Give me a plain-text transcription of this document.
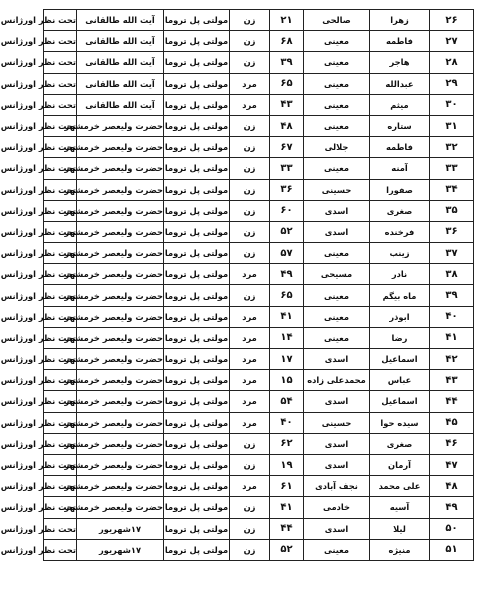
۲۶	زهرا	صالحی	۲۱	زن	مولتی پل تروما	آیت الله طالقانی	تحت نظر اورژانس
۲۷	فاطمه	معینی	۶۸	زن	مولتی پل تروما	آیت الله طالقانی	تحت نظر اورژانس
۲۸	هاجر	معینی	۳۹	زن	مولتی پل تروما	آیت الله طالقانی	تحت نظر اورژانس
۲۹	عبدالله	معینی	۶۵	مرد	مولتی پل تروما	آیت الله طالقانی	تحت نظر اورژانس
۳۰	میثم	معینی	۴۳	مرد	مولتی پل تروما	آیت الله طالقانی	تحت نظر اورژانس
۳۱	ستاره	معینی	۴۸	زن	مولتی پل تروما	حضرت ولیعصر خرمشهر	تحت نظر اورژانس
۳۲	فاطمه	جلالی	۶۷	زن	مولتی پل تروما	حضرت ولیعصر خرمشهر	تحت نظر اورژانس
۳۳	آمنه	معینی	۳۳	زن	مولتی پل تروما	حضرت ولیعصر خرمشهر	تحت نظر اورژانس
۳۴	صفورا	حسینی	۳۶	زن	مولتی پل تروما	حضرت ولیعصر خرمشهر	تحت نظر اورژانس
۳۵	صغری	اسدی	۶۰	زن	مولتی پل تروما	حضرت ولیعصر خرمشهر	تحت نظر اورژانس
۳۶	فرخنده	اسدی	۵۲	زن	مولتی پل تروما	حضرت ولیعصر خرمشهر	تحت نظر اورژانس
۳۷	زینب	معینی	۵۷	زن	مولتی پل تروما	حضرت ولیعصر خرمشهر	تحت نظر اورژانس
۳۸	نادر	مسیحی	۴۹	مرد	مولتی پل تروما	حضرت ولیعصر خرمشهر	تحت نظر اورژانس
۳۹	ماه بیگم	معینی	۶۵	زن	مولتی پل تروما	حضرت ولیعصر خرمشهر	تحت نظر اورژانس
۴۰	ابوذر	معینی	۴۱	مرد	مولتی پل تروما	حضرت ولیعصر خرمشهر	تحت نظر اورژانس
۴۱	رضا	معینی	۱۴	مرد	مولتی پل تروما	حضرت ولیعصر خرمشهر	تحت نظر اورژانس
۴۲	اسماعیل	اسدی	۱۷	مرد	مولتی پل تروما	حضرت ولیعصر خرمشهر	تحت نظر اورژانس
۴۳	عباس	محمدعلی زاده	۱۵	مرد	مولتی پل تروما	حضرت ولیعصر خرمشهر	تحت نظر اورژانس
۴۴	اسماعیل	اسدی	۵۴	مرد	مولتی پل تروما	حضرت ولیعصر خرمشهر	تحت نظر اورژانس
۴۵	سیده حوا	حسینی	۴۰	مرد	مولتی پل تروما	حضرت ولیعصر خرمشهر	تحت نظر اورژانس
۴۶	صغری	اسدی	۶۲	زن	مولتی پل تروما	حضرت ولیعصر خرمشهر	تحت نظر اورژانس
۴۷	آرمان	اسدی	۱۹	زن	مولتی پل تروما	حضرت ولیعصر خرمشهر	تحت نظر اورژانس
۴۸	علی محمد	نجف آبادی	۶۱	مرد	مولتی پل تروما	حضرت ولیعصر خرمشهر	تحت نظر اورژانس
۴۹	آسیه	خادمی	۴۱	زن	مولتی پل تروما	حضرت ولیعصر خرمشهر	تحت نظر اورژانس
۵۰	لیلا	اسدی	۴۴	زن	مولتی پل تروما	۱۷شهریور	تحت نظر اورژانس
۵۱	منیژه	معینی	۵۲	زن	مولتی پل تروما	۱۷شهریور	تحت نظر اورژانس
